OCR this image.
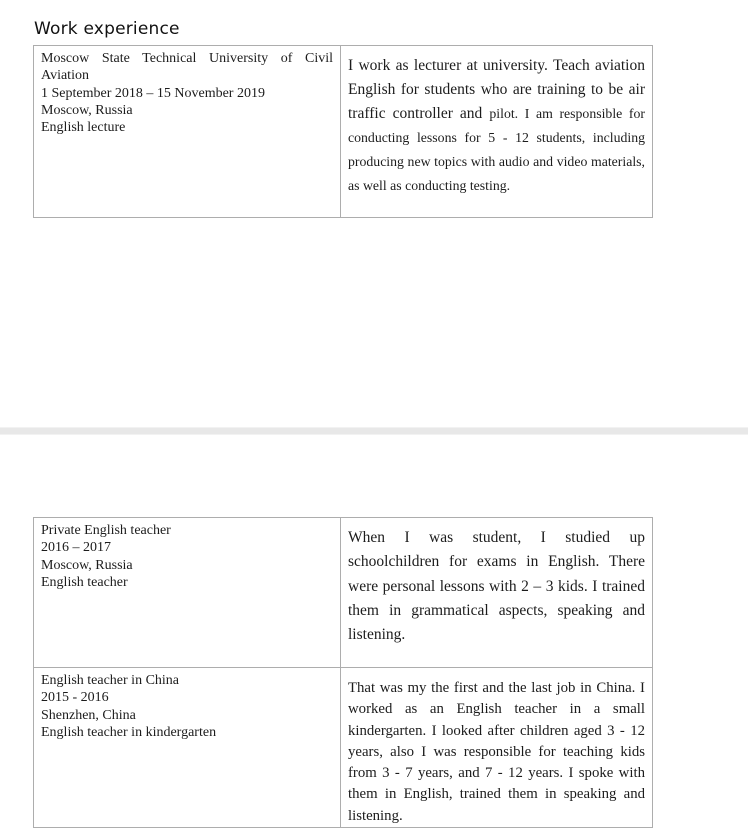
Work experience
Moscow State Technical University of Civil Aviation
1 September 2018 – 15 November 2019
Moscow, Russia
English lecture

I work as lecturer at university. Teach aviation English for students who are training to be air traffic controller and pilot. I am responsible for conducting lessons for 5 - 12 students, including producing new topics with audio and video materials, as well as conducting testing.

Private English teacher
2016 – 2017
Moscow, Russia
English teacher

When I was student, I studied up schoolchildren for exams in English. There were personal lessons with 2 – 3 kids. I trained them in grammatical aspects, speaking and listening.

English teacher in China
2015 - 2016
Shenzhen, China
English teacher in kindergarten

That was my the first and the last job in China. I worked as an English teacher in a small kindergarten. I looked after children aged 3 - 12 years, also I was responsible for teaching kids from 3 - 7 years, and 7 - 12 years. I spoke with them in English, trained them in speaking and listening.
